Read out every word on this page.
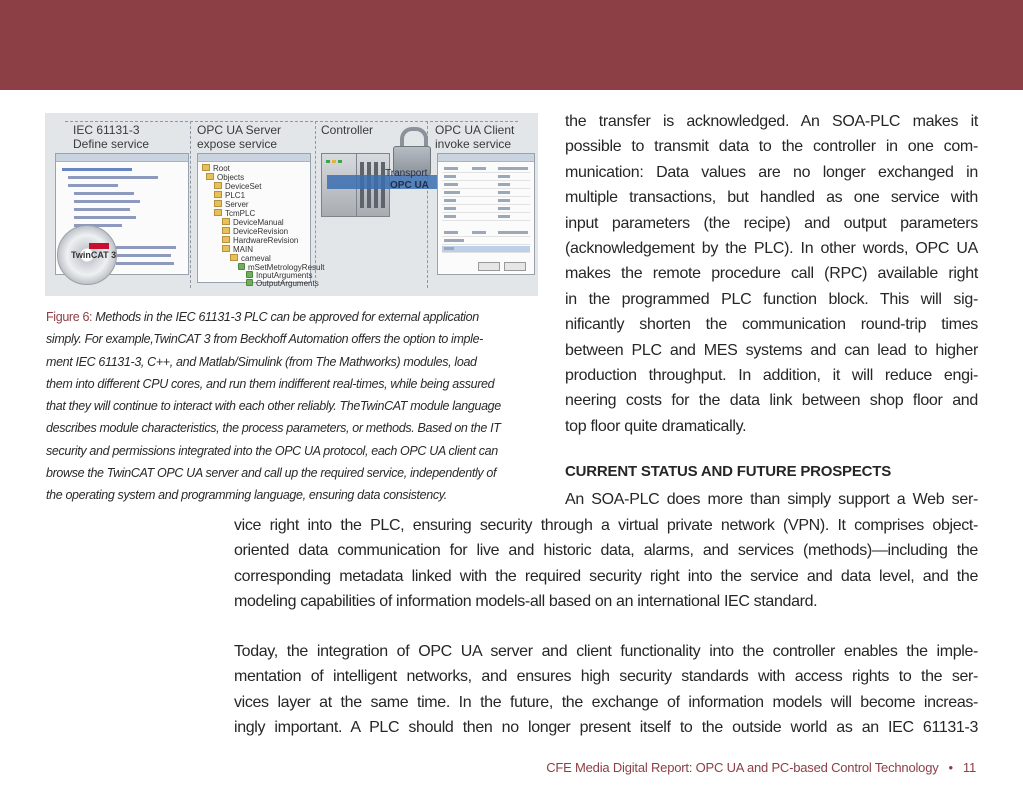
IEC 61131-3
Define service
OPC UA Server
expose service
Controller	OPC UA Client
invoke service
TwinCAT 3
Root
Objects
DeviceSet
PLC1
Server
TcmPLC
DeviceManual
DeviceRevision
HardwareRevision
MAIN
cameval
mSetMetrologyResult
InputArguments
OutputArguments
Transport
OPC UA
Figure 6: Methods in the IEC 61131-3 PLC can be approved for external application
simply. For example,TwinCAT 3 from Beckhoff Automation offers the option to imple-
ment IEC 61131-3, C++, and Matlab/Simulink (from The Mathworks) modules, load
them into different CPU cores, and run them indifferent real-times, while being assured
that they will continue to interact with each other reliably. TheTwinCAT module language
describes module characteristics, the process parameters, or methods. Based on the IT
security and permissions integrated into the OPC UA protocol, each OPC UA client can
browse the TwinCAT OPC UA server and call up the required service, independently of
the operating system and programming language, ensuring data consistency.
the transfer is acknowledged. An SOA-PLC makes it
possible to transmit data to the controller in one com-
munication: Data values are no longer exchanged in
multiple transactions, but handled as one service with
input parameters (the recipe) and output parameters
(acknowledgement by the PLC). In other words, OPC UA
makes the remote procedure call (RPC) available right
in the programmed PLC function block. This will sig-
nificantly shorten the communication round-trip times
between PLC and MES systems and can lead to higher
production throughput. In addition, it will reduce engi-
neering costs for the data link between shop floor and
top floor quite dramatically.
CURRENT STATUS AND FUTURE PROSPECTS
An SOA-PLC does more than simply support a Web ser-
vice right into the PLC, ensuring security through a virtual private network (VPN). It comprises object-
oriented data communication for live and historic data, alarms, and services (methods)—including the
corresponding metadata linked with the required security right into the service and data level, and the
modeling capabilities of information models-all based on an international IEC standard.
Today, the integration of OPC UA server and client functionality into the controller enables the imple-
mentation of intelligent networks, and ensures high security standards with access rights to the ser-
vices layer at the same time. In the future, the exchange of information models will become increas-
ingly important. A PLC should then no longer present itself to the outside world as an IEC 61131-3
CFE Media Digital Report: OPC UA and PC-based Control Technology • 11
